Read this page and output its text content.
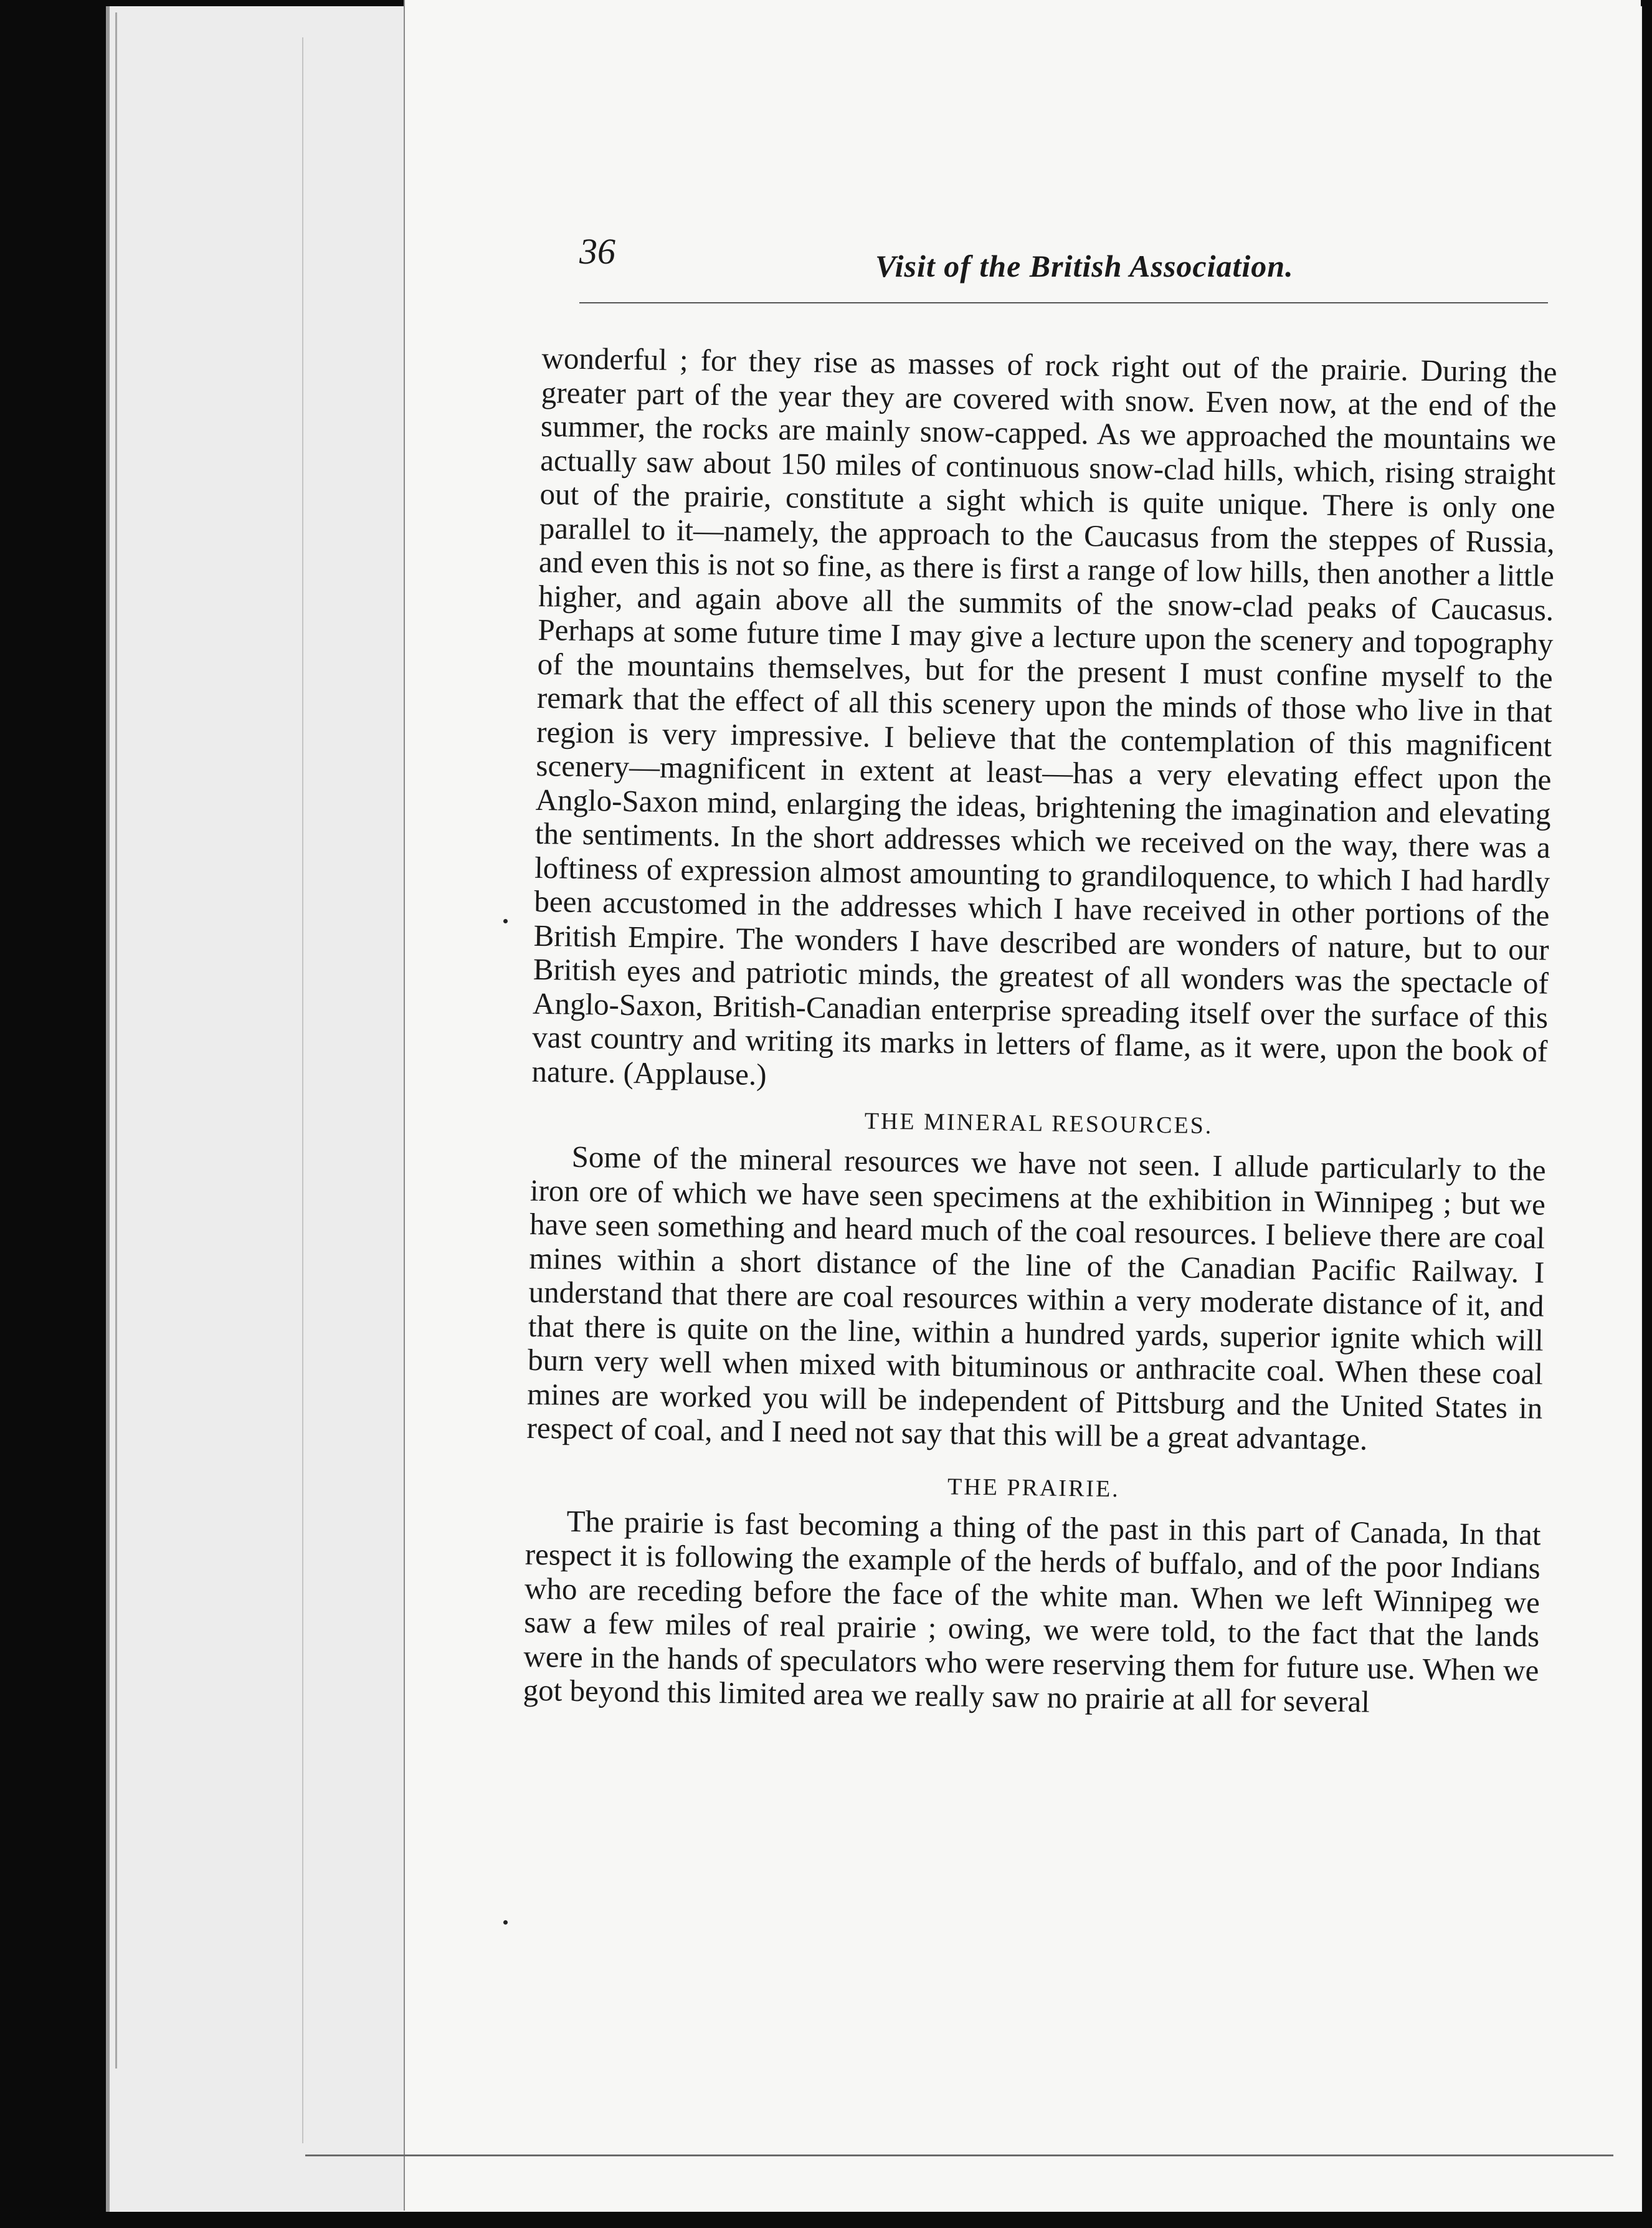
36	Visit of the British Association.

wonderful ; for they rise as masses of rock right out of the prairie. During the greater part of the year they are covered with snow. Even now, at the end of the summer, the rocks are mainly snow-capped. As we approached the mountains we actually saw about 150 miles of continuous snow-clad hills, which, rising straight out of the prairie, constitute a sight which is quite unique. There is only one parallel to it—namely, the approach to the Caucasus from the steppes of Russia, and even this is not so fine, as there is first a range of low hills, then another a little higher, and again above all the summits of the snow-clad peaks of Caucasus. Perhaps at some future time I may give a lecture upon the scenery and topography of the mountains themselves, but for the present I must confine myself to the remark that the effect of all this scenery upon the minds of those who live in that region is very impressive. I believe that the contemplation of this magnificent scenery—magnificent in extent at least—has a very elevating effect upon the Anglo-Saxon mind, enlarging the ideas, brightening the imagination and elevating the sentiments. In the short addresses which we received on the way, there was a loftiness of expression almost amounting to grandiloquence, to which I had hardly been accustomed in the addresses which I have received in other portions of the British Empire. The wonders I have described are wonders of nature, but to our British eyes and patriotic minds, the greatest of all wonders was the spectacle of Anglo-Saxon, British-Canadian enterprise spreading itself over the surface of this vast country and writing its marks in letters of flame, as it were, upon the book of nature. (Applause.)

THE MINERAL RESOURCES.

Some of the mineral resources we have not seen. I allude particularly to the iron ore of which we have seen specimens at the exhibition in Winnipeg ; but we have seen something and heard much of the coal resources. I believe there are coal mines within a short distance of the line of the Canadian Pacific Railway. I understand that there are coal resources within a very moderate distance of it, and that there is quite on the line, within a hundred yards, superior ignite which will burn very well when mixed with bituminous or anthracite coal. When these coal mines are worked you will be independent of Pittsburg and the United States in respect of coal, and I need not say that this will be a great advantage.

THE PRAIRIE.

The prairie is fast becoming a thing of the past in this part of Canada, In that respect it is following the example of the herds of buffalo, and of the poor Indians who are receding before the face of the white man. When we left Winnipeg we saw a few miles of real prairie ; owing, we were told, to the fact that the lands were in the hands of speculators who were reserving them for future use. When we got beyond this limited area we really saw no prairie at all for several
